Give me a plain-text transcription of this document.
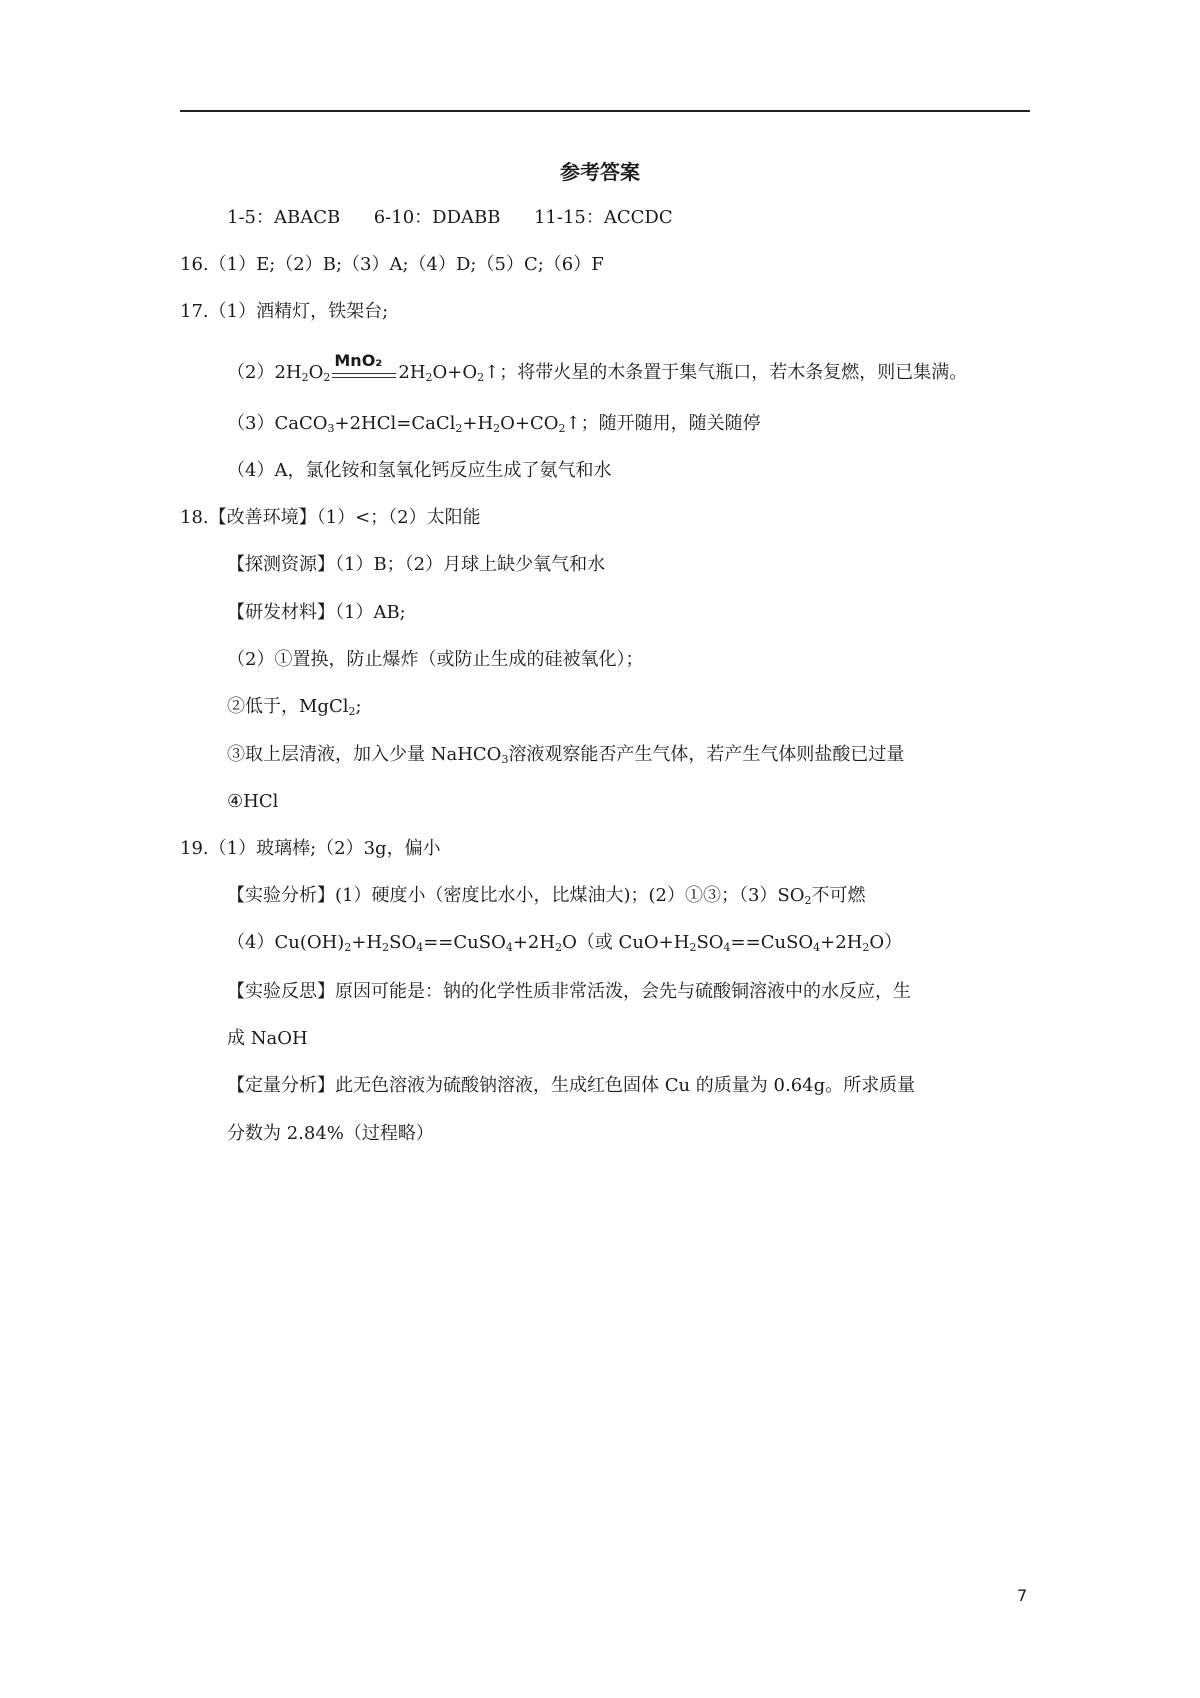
参考答案
1-5：ABACB 6-10：DDABB 11-15：ACCDC
16.（1）E;（2）B;（3）A;（4）D;（5）C;（6）F
17.（1）酒精灯，铁架台;
$(2)2H_2O_2$
MnO₂
$2H_2O+O_2↑$；将带火星的木条置于集气瓶口，若木条复燃，则已集满。
$(3)CaCO_3+2HCl=CaCl_2+H_2O+CO_2↑$；随开随用，随关随停
（4）A，氯化铵和氢氧化钙反应生成了氨气和水
18.【改善环境】（1）<；（2）太阳能
【探测资源】（1）B；（2）月球上缺少氧气和水
【研发材料】（1）AB;
（2）①置换，防止爆炸（或防止生成的硅被氧化）；
②低于，MgCl$_2$;
③取上层清液，加入少量 NaHCO$_3$溶液观察能否产生气体，若产生气体则盐酸已过量
④HCl
19.（1）玻璃棒;（2）3g，偏小
【实验分析】(1）硬度小（密度比水小，比煤油大)；(2）①③；$(3)SO_2$不可燃
$(4)Cu(OH)_2+H_2SO_4==CuSO_4+2H_2O$（或 $CuO+H_2SO_4==CuSO_4+2H_2O$）
【实验反思】原因可能是：钠的化学性质非常活泼，会先与硫酸铜溶液中的水反应，生
成 NaOH
【定量分析】此无色溶液为硫酸钠溶液，生成红色固体 Cu 的质量为 0.64g。所求质量
分数为 2.84%（过程略）
7
